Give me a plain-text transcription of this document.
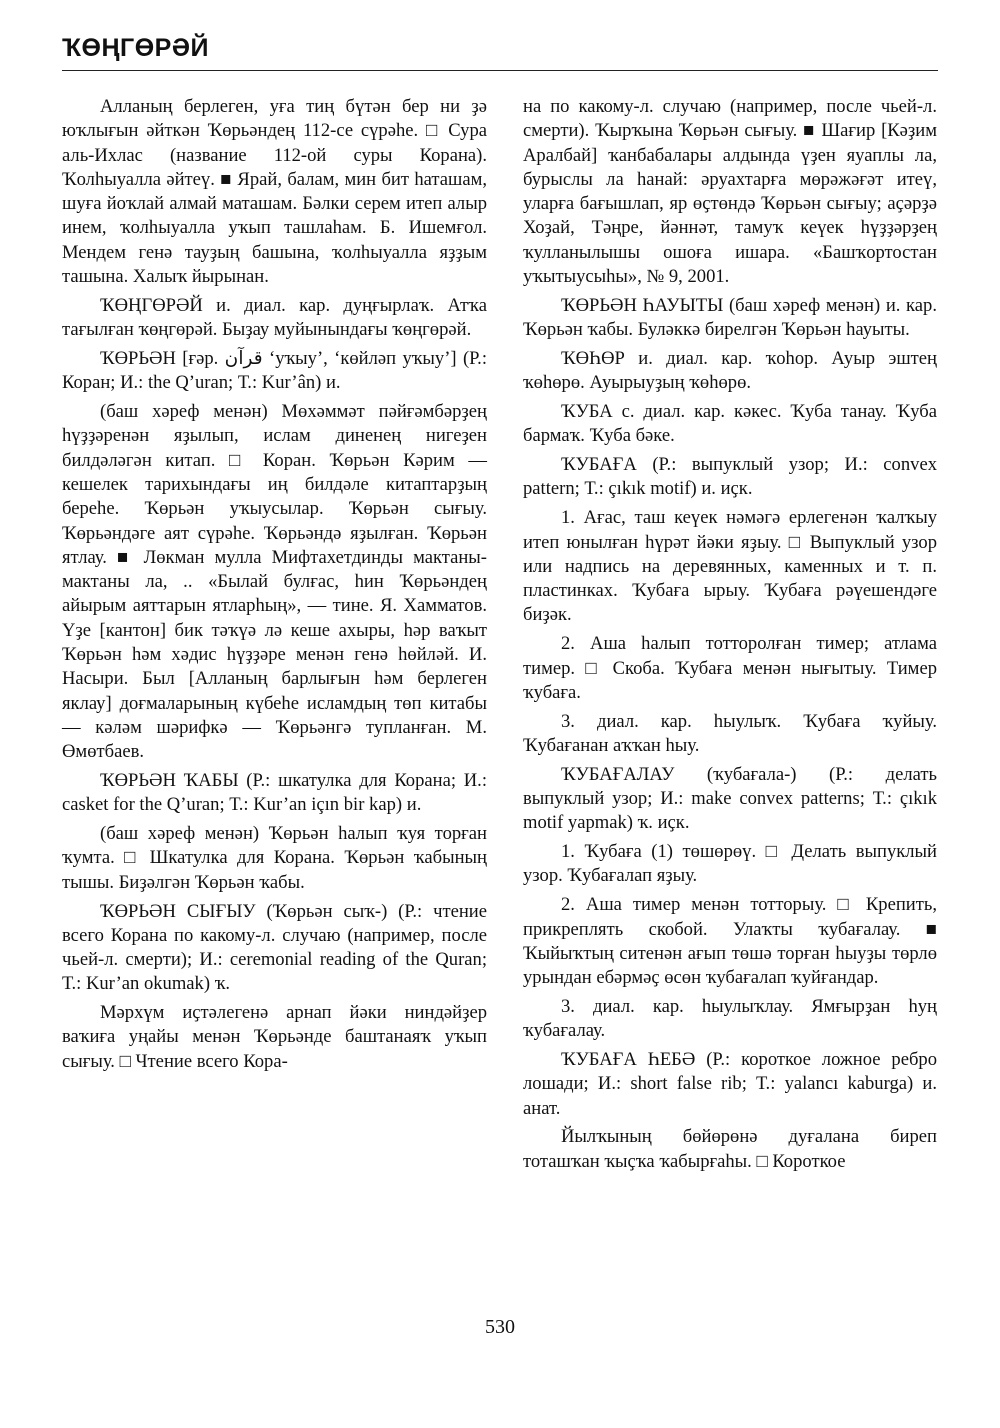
ҠӨҢГӨРӘЙ

Алланың берлеген, уға тиң бүтән бер ни ҙә юҡлығын әйткән Ҡөрьәндең 112-се сүрәһе. □ Сура аль-Ихлас (название 112-ой суры Корана). Ҡолһыуалла әйтеү. ■ Ярай, балам, мин бит һаташам, шуға йоҡлай алмай маташам. Бәлки серем итеп алыр инем, ҡолһыуалла уҡып ташлаһам. Б. Ишемғол. Мендем генә тауҙың башына, ҡолһыуалла яҙҙым ташына. Халыҡ йырынан.

ҠӨҢГӨРӘЙ и. диал. кар. дуңғырлаҡ. Атҡа тағылған ҡөңгөрәй. Быҙау муйынындағы ҡөңгөрәй.

ҠӨРЬӘН [ғәр. قرآن ‘уҡыу’, ‘көйләп уҡыу’] (Р.: Коран; И.: the Q’uran; Т.: Kur’ân) и.

(баш хәреф менән) Мөхәммәт пәйғәмбәрҙең һүҙҙәренән яҙылып, ислам диненең нигеҙен билдәләгән китап. □ Коран. Ҡөрьән Кәрим — кешелек тарихындағы иң билдәле китаптарҙың береһе. Ҡөрьән уҡыусылар. Ҡөрьән сығыу. Ҡөрьәндәге аят сүрәһе. Ҡөрьәндә яҙылған. Ҡөрьән ятлау. ■ Лөкман мулла Мифтахетдинды мактаны-мактаны ла, .. «Былай булғас, һин Ҡөрьәндең айырым аяттарын ятларһың», — тине. Я. Хамматов. Үҙе [кантон] бик тәҡүә лә кеше ахыры, һәр ваҡыт Ҡөрьән һәм хәдис һүҙҙәре менән генә һөйләй. И. Насыри. Был [Алланың барлығын һәм берлеген яклау] доғмаларының күбеһе исламдың төп китабы — кәләм шәрифкә — Ҡөрьәнгә тупланған. М. Өмөтбаев.

ҠӨРЬӘН ҠАБЫ (Р.: шкатулка для Корана; И.: casket for the Q’uran; Т.: Kur’an içın bir kap) и.

(баш хәреф менән) Ҡөрьән һалып ҡуя торған ҡумта. □ Шкатулка для Корана. Ҡөрьән ҡабының тышы. Биҙәлгән Ҡөрьән ҡабы.

ҠӨРЬӘН СЫҒЫУ (Ҡөрьән сыҡ-) (Р.: чтение всего Корана по какому-л. случаю (например, после чьей-л. смерти); И.: ceremonial reading of the Quran; Т.: Kur’an okumak) ҡ.

Мәрхүм иҫтәлегенә арнап йәки ниндәйҙер ваҡиға уңайы менән Ҡөрьәнде баштанаяҡ уҡып сығыу. □ Чтение всего Кора-

на по какому-л. случаю (например, после чьей-л. смерти). Ҡырҡына Ҡөрьән сығыу. ■ Шағир [Кәҙим Аралбай] ҡанбабалары алдында үҙен яуаплы ла, бурыслы ла һанай: әруахтарға мөрәжәғәт итеү, уларға бағышлап, яр өҫтөндә Ҡөрьән сығыу; аҫәрҙә Хоҙай, Тәңре, йәннәт, тамуҡ кеүек һүҙҙәрҙең ҡулланылышы ошоға ишара. «Башҡортостан уҡытыусыһы», № 9, 2001.

ҠӨРЬӘН ҺАУЫТЫ (баш хәреф менән) и. кар. Ҡөрьән ҡабы. Буләккә бирелгән Ҡөрьән һауыты.

ҠӨҺӨР и. диал. кар. ҡоһор. Ауыр эштең ҡөһөрө. Ауырыуҙың ҡөһөрө.

ҠУБА с. диал. кар. кәкес. Ҡуба танау. Ҡуба бармаҡ. Ҡуба бәке.

ҠУБАҒА (Р.: выпуклый узор; И.: convex pattern; Т.: çıkık motif) и. иҫк.

1. Ағас, таш кеүек нәмәгә ерлегенән ҡалҡыу итеп юнылған һүрәт йәки яҙыу. □ Выпуклый узор или надпись на деревянных, каменных и т. п. пластинках. Ҡубаға ырыу. Ҡубаға рәүешендәге биҙәк.

2. Аша һалып тотторолған тимер; атлама тимер. □ Скоба. Ҡубаға менән нығытыу. Тимер ҡубаға.

3. диал. кар. һыулыҡ. Ҡубаға ҡуйыу. Ҡубағанан аҡҡан һыу.

ҠУБАҒАЛАУ (ҡубағала-) (Р.: делать выпуклый узор; И.: make convex patterns; Т.: çıkık motif yapmak) ҡ. иҫк.

1. Ҡубаға (1) төшөрөү. □ Делать выпуклый узор. Ҡубағалап яҙыу.

2. Аша тимер менән тотторыу. □ Крепить, прикреплять скобой. Улаҡты ҡубағалау. ■ Ҡыйыҡтың ситенән ағып төшә торған һыуҙы төрлө урындан ебәрмәҫ өсөн ҡубағалап ҡуйғандар.

3. диал. кар. һыулыҡлау. Ямғырҙан һуң ҡубағалау.

ҠУБАҒА ҺЕБӘ (Р.: короткое ложное ребро лошади; И.: short false rib; Т.: yalancı kaburga) и. анат.

Йылҡының бөйөрөнә дуғалана биреп тоташҡан ҡыҫҡа ҡабырғаһы. □ Короткое

530
